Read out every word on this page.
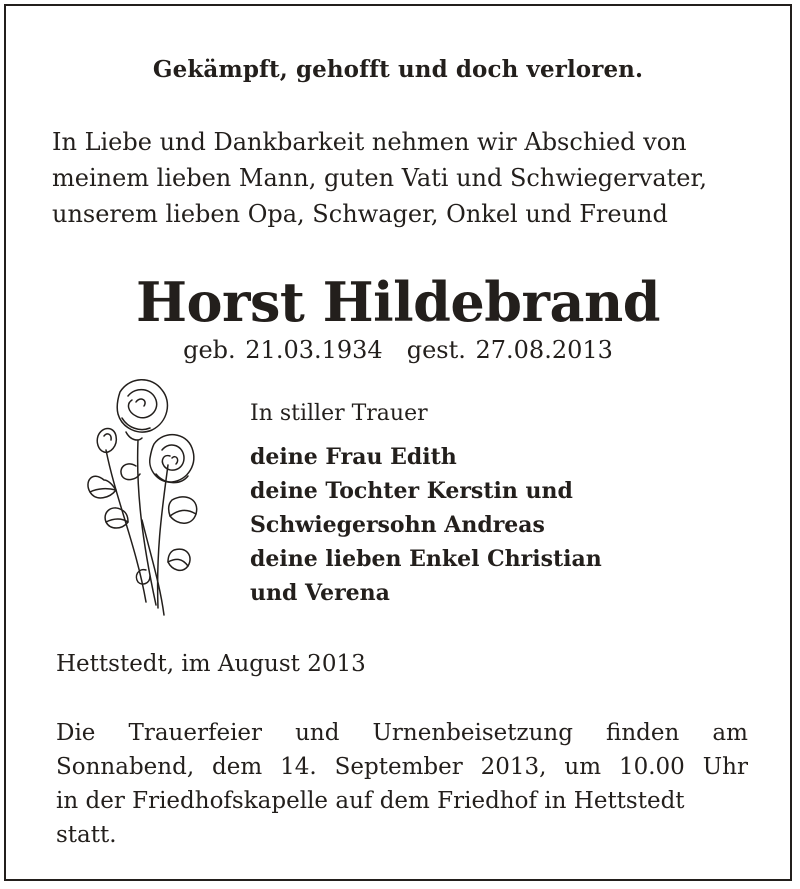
Gekämpft, gehofft und doch verloren.
In Liebe und Dankbarkeit nehmen wir Abschied von
meinem lieben Mann, guten Vati und Schwiegervater,
unserem lieben Opa, Schwager, Onkel und Freund
Horst Hildebrand
geb. 21.03.1934 gest. 27.08.2013
In stiller Trauer
deine Frau Edith
deine Tochter Kerstin und
Schwiegersohn Andreas
deine lieben Enkel Christian
und Verena
Hettstedt, im August 2013
Die Trauerfeier und Urnenbeisetzung finden am
Sonnabend, dem 14. September 2013, um 10.00 Uhr
in der Friedhofskapelle auf dem Friedhof in Hettstedt
statt.
